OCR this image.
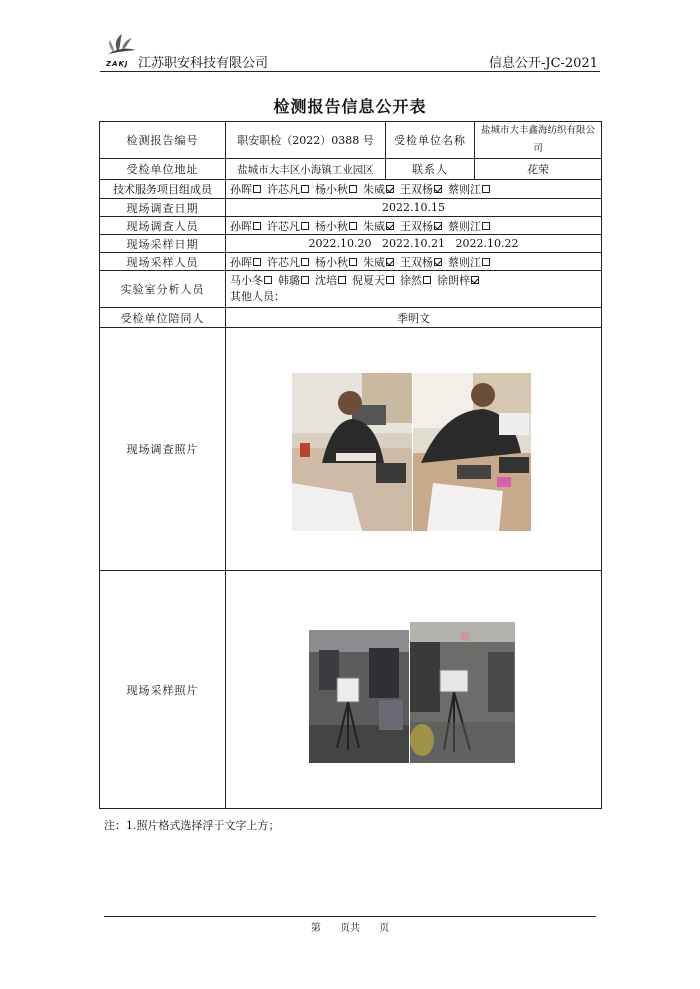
ZAKJ 江苏职安科技有限公司	信息公开-JC-2021
检测报告信息公开表
检测报告编号	职安职检（2022）0388 号	受检单位名称	盐城市大丰鑫海纺织有限公司
受检单位地址	盐城市大丰区小海镇工业园区	联系人	花荣
技术服务项目组成员	孙晖 许芯凡 杨小秋 朱威 王双杨 蔡则江		
现场调查日期	2022.10.15		
现场调查人员	孙晖 许芯凡 杨小秋 朱威 王双杨 蔡则江		
现场采样日期	2022.10.20 2022.10.21 2022.10.22		
现场采样人员	孙晖 许芯凡 杨小秋 朱威 王双杨 蔡则江		
实验室分析人员	马小冬 韩璐 沈培 倪夏天 徐然 徐朗梓
其他人员：		

受检单位陪同人	季明文		
现场调查照片			
现场采样照片			
注：1.照片格式选择浮于文字上方；
第 页共 页
